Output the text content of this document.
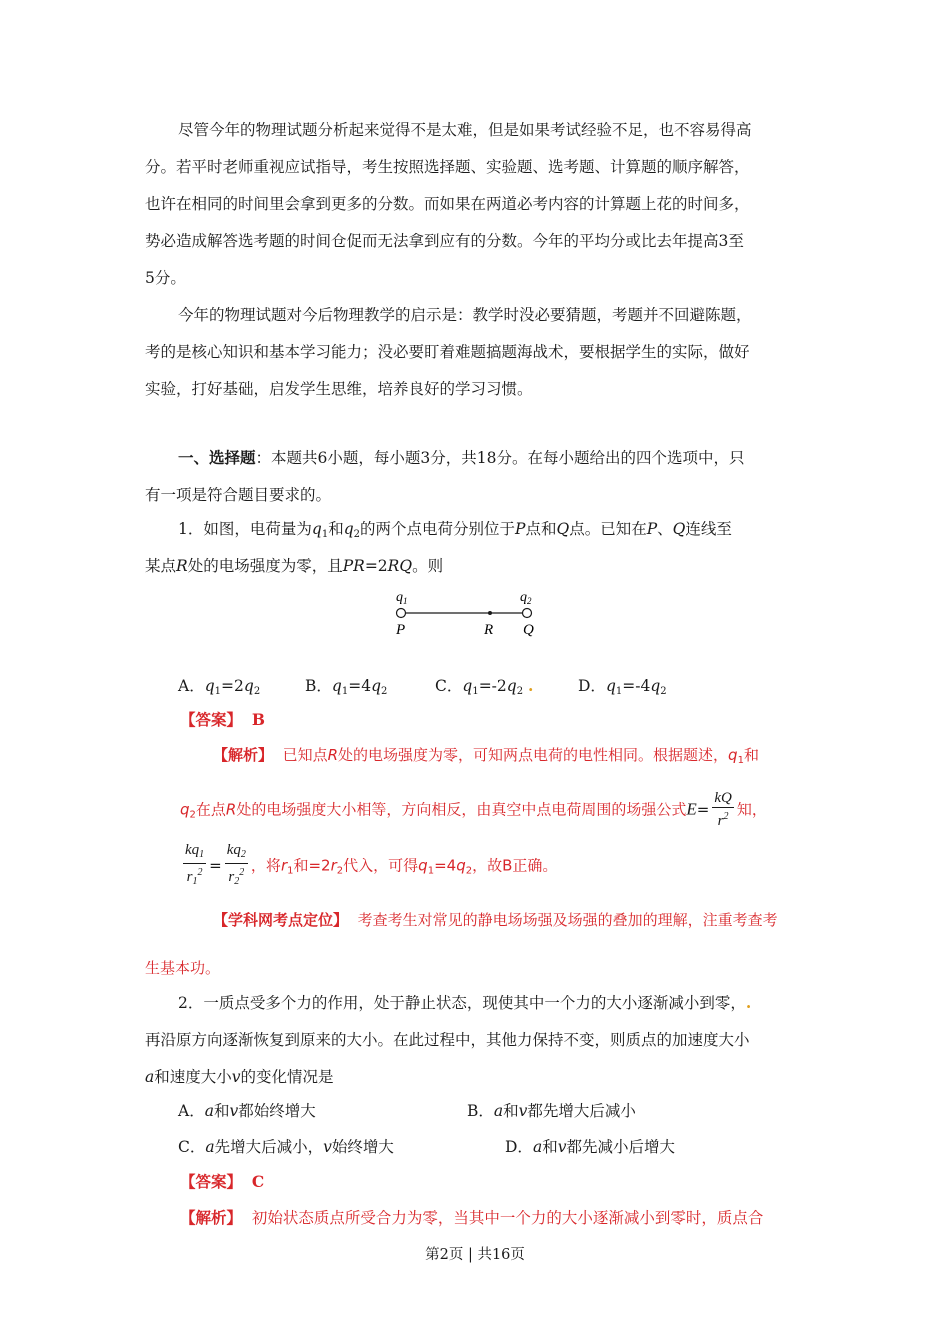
尽管今年的物理试题分析起来觉得不是太难，但是如果考试经验不足，也不容易得高
分。若平时老师重视应试指导，考生按照选择题、实验题、选考题、计算题的顺序解答，
也许在相同的时间里会拿到更多的分数。而如果在两道必考内容的计算题上花的时间多，
势必造成解答选考题的时间仓促而无法拿到应有的分数。今年的平均分或比去年提高3至
5分。
今年的物理试题对今后物理教学的启示是：教学时没必要猜题，考题并不回避陈题，
考的是核心知识和基本学习能力；没必要盯着难题搞题海战术，要根据学生的实际，做好
实验，打好基础，启发学生思维，培养良好的学习习惯。
一、选择题：本题共6小题，每小题3分，共18分。在每小题给出的四个选项中，只
有一项是符合题目要求的。
1．如图，电荷量为$q_1$和$q_2$的两个点电荷分别位于P点和Q点。已知在P、Q连线至
某点R处的电场强度为零，且PR=2RQ。则
$q_1$	$q_2$
P	R Q
A．$q_1=2q_2$	B．$q_1=4q_2$	C．$q_1=-2q_2$ .	D．$q_1=-4q_2$
【答案】 B
【解析】 已知点R处的电场强度为零，可知两点电荷的电性相同。根据题述，$q_1$和
$q_2$在点R处的电场强度大小相等，方向相反，由真空中点电荷周围的场强公式$E= \frac{kQ}{r^2}$ 知，
$\frac{kq_1}{r_1^2} = \frac{kq_2}{r_2^2}$ ，将$r_1$和$=2r_2$代入，可得$q_1=4q_2$，故B正确。
【学科网考点定位】 考查考生对常见的静电场场强及场强的叠加的理解，注重考查考
生基本功。
2．一质点受多个力的作用，处于静止状态，现使其中一个力的大小逐渐减小到零，.
再沿原方向逐渐恢复到原来的大小。在此过程中，其他力保持不变，则质点的加速度大小
a和速度大小v的变化情况是
A．a和v都始终增大	B．a和v都先增大后减小
C．a先增大后减小，v始终增大	D．a和v都先减小后增大
【答案】 C
【解析】 初始状态质点所受合力为零，当其中一个力的大小逐渐减小到零时，质点合
第2页 | 共16页
